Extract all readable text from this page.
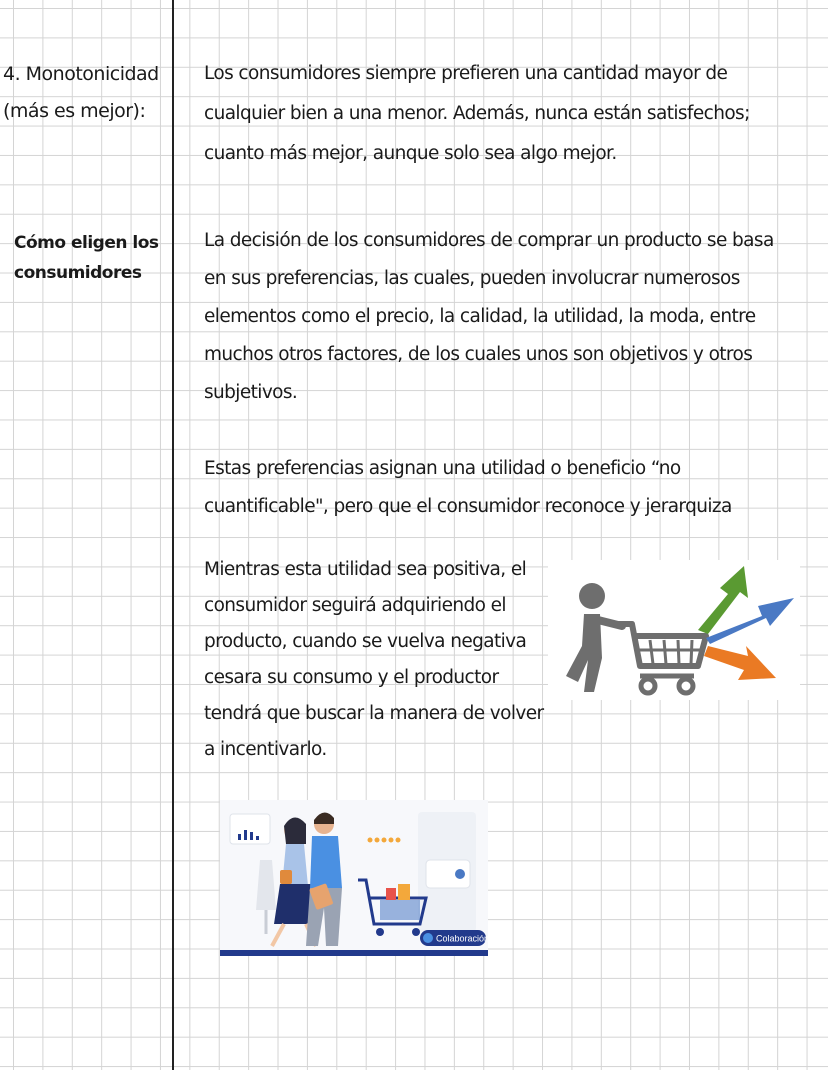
4. Monotonicidad
(más es mejor):
Los consumidores siempre prefieren una cantidad mayor de
cualquier bien a una menor. Además, nunca están satisfechos;
cuanto más mejor, aunque solo sea algo mejor.
Cómo eligen los
consumidores
La decisión de los consumidores de comprar un producto se basa
en sus preferencias, las cuales, pueden involucrar numerosos
elementos como el precio, la calidad, la utilidad, la moda, entre
muchos otros factores, de los cuales unos son objetivos y otros
subjetivos.
Estas preferencias asignan una utilidad o beneficio “no
cuantificable", pero que el consumidor reconoce y jerarquiza
Mientras esta utilidad sea positiva, el
consumidor seguirá adquiriendo el
producto, cuando se vuelva negativa
cesara su consumo y el productor
tendrá que buscar la manera de volver
a incentivarlo.
Colaboración
